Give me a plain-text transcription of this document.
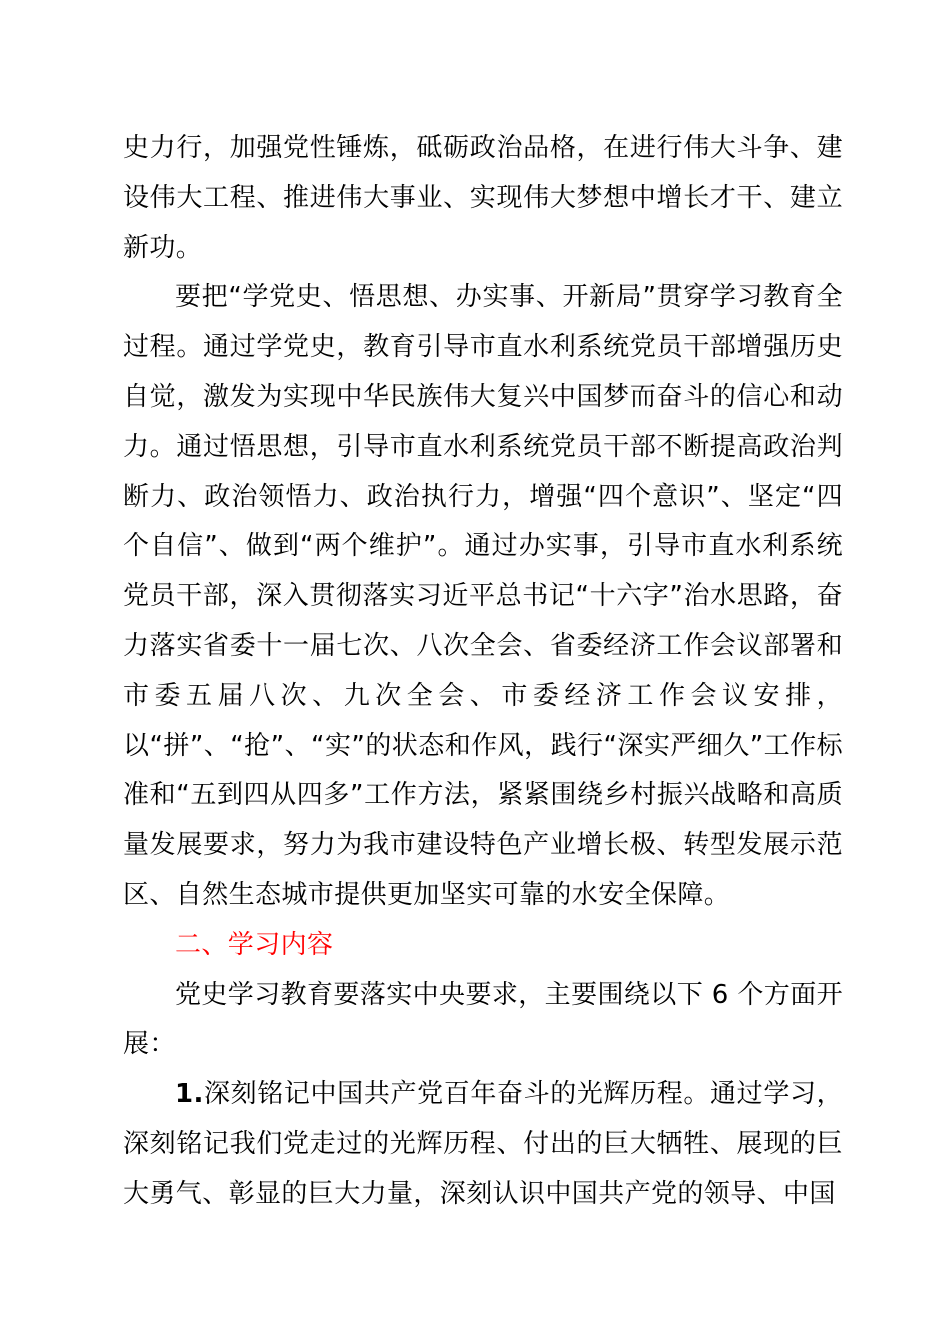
史力行，加强党性锤炼，砥砺政治品格，在进行伟大斗争、建设伟大工程、推进伟大事业、实现伟大梦想中增长才干、建立新功。

要把“学党史、悟思想、办实事、开新局”贯穿学习教育全过程。通过学党史，教育引导市直水利系统党员干部增强历史自觉，激发为实现中华民族伟大复兴中国梦而奋斗的信心和动力。通过悟思想，引导市直水利系统党员干部不断提高政治判断力、政治领悟力、政治执行力，增强“四个意识”、坚定“四个自信”、做到“两个维护”。通过办实事，引导市直水利系统党员干部，深入贯彻落实习近平总书记“十六字”治水思路，奋力落实省委十一届七次、八次全会、省委经济工作会议部署和市委五届八次、九次全会、市委经济工作会议安排，以“拼”、“抢”、“实”的状态和作风，践行“深实严细久”工作标准和“五到四从四多”工作方法，紧紧围绕乡村振兴战略和高质量发展要求，努力为我市建设特色产业增长极、转型发展示范区、自然生态城市提供更加坚实可靠的水安全保障。

二、学习内容

党史学习教育要落实中央要求，主要围绕以下 6 个方面开展：

1.深刻铭记中国共产党百年奋斗的光辉历程。通过学习，深刻铭记我们党走过的光辉历程、付出的巨大牺牲、展现的巨大勇气、彰显的巨大力量，深刻认识中国共产党的领导、中国
